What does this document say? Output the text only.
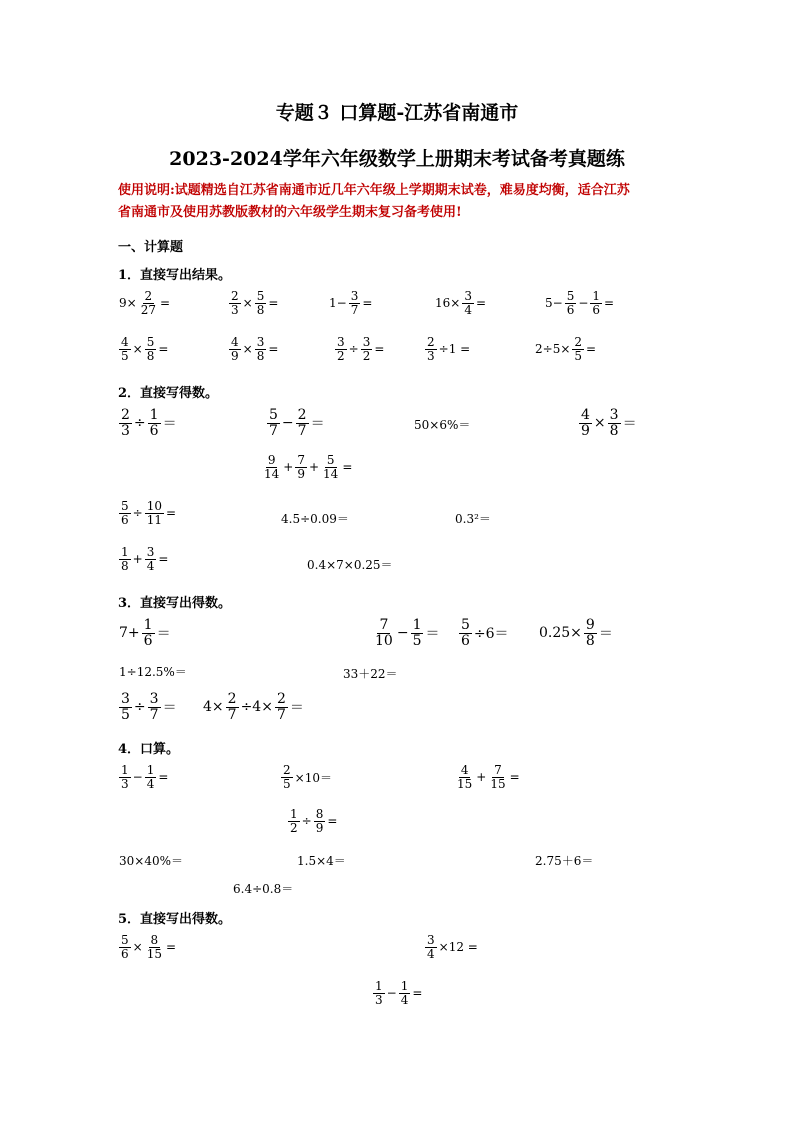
专题３ 口算题-江苏省南通市
2023-2024学年六年级数学上册期末考试备考真题练
使用说明:试题精选自江苏省南通市近几年六年级上学期期末试卷，难易度均衡，适合江苏
省南通市及使用苏教版教材的六年级学生期末复习备考使用!
一、计算题
1．直接写出结果。
$9\times \frac{2}{27}$ =	$\frac{2}{3} \times \frac{5}{8}$ =	$1- \frac{3}{7}$ =	$16\times \frac{3}{4}$ =	$5- \frac{5}{6} - \frac{1}{6}$ =
$\frac{4}{5} \times \frac{5}{8}$ =	$\frac{4}{9} \times \frac{3}{8}$ =	$\frac{3}{2} \div \frac{3}{2}$ =	$\frac{2}{3} \div 1$ =	$2\div 5\times \frac{2}{5}$ =
2．直接写得数。
$\frac{2}{3} \div \frac{1}{6}$ ＝	$\frac{5}{7} - \frac{2}{7}$ ＝	50×6%＝	$\frac{4}{9} \times \frac{3}{8}$ ＝
$\frac{9}{14} + \frac{7}{9} + \frac{5}{14}$ =
$\frac{5}{6} \div \frac{10}{11}$ =	4.5÷0.09＝	0.3²＝
$\frac{1}{8} + \frac{3}{4}$ =	0.4×7×0.25＝
3．直接写出得数。
$7+ \frac{1}{6}$ ＝	$\frac{7}{10} - \frac{1}{5} = \frac{5}{6} \div 6= 0.25\times \frac{9}{8}$ ＝
1÷12.5%＝	33＋22＝
$\frac{3}{5} \div \frac{3}{7} = 4\times \frac{2}{7} \div 4\times \frac{2}{7}$ ＝
4．口算。
$\frac{1}{3} - \frac{1}{4}$ =	$\frac{2}{5} \times 10=$	$\frac{4}{15} + \frac{7}{15}$ =
$\frac{1}{2} \div \frac{8}{9}$ =
30×40%＝	1.5×4＝	2.75＋6＝
6.4÷0.8＝
5．直接写出得数。
$\frac{5}{6} \times \frac{8}{15}$ =	$\frac{3}{4} \times 12$ =
$\frac{1}{3} - \frac{1}{4}$ =
